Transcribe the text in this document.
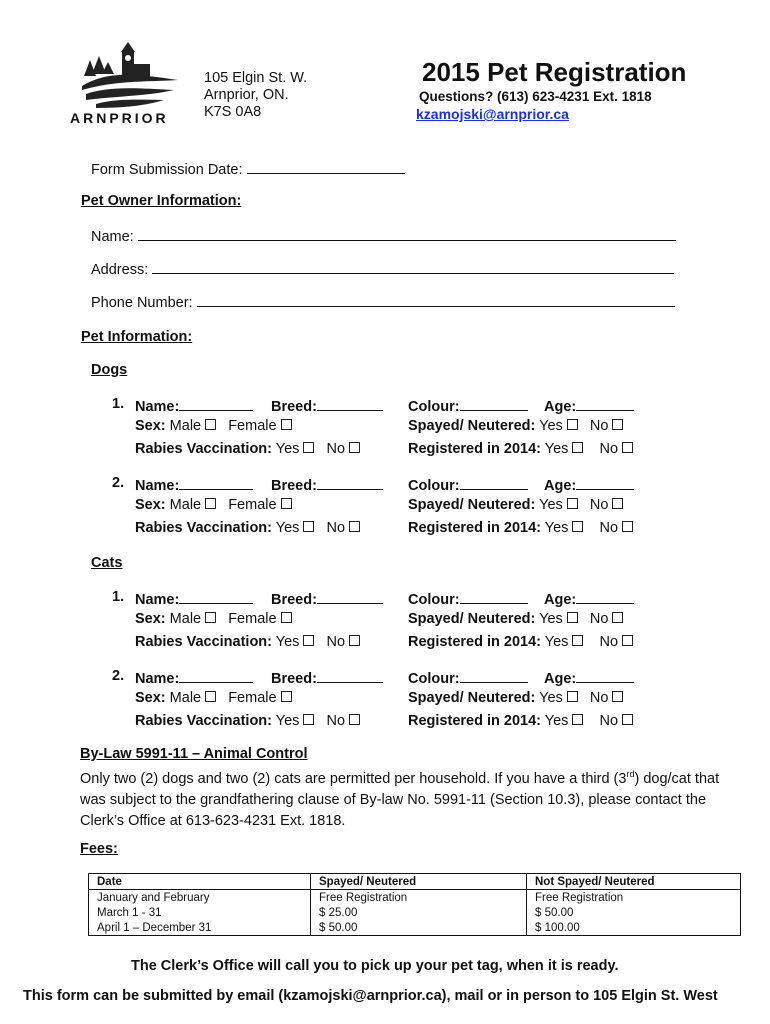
ARNPRIOR
105 Elgin St. W.
Arnprior, ON.
K7S 0A8
2015 Pet Registration
Questions? (613) 623-4231 Ext. 1818
kzamojski@arnprior.ca
Form Submission Date:
Pet Owner Information:
Name:
Address:
Phone Number:
Pet Information:
Dogs
1. Name:	Breed:	Colour:	Age:
Sex: Male Female	Spayed/ Neutered: Yes No
Rabies Vaccination: Yes No	Registered in 2014: Yes No
2. Name:	Breed:	Colour:	Age:
Sex: Male Female	Spayed/ Neutered: Yes No
Rabies Vaccination: Yes No	Registered in 2014: Yes No
Cats
1. Name:	Breed:	Colour:	Age:
Sex: Male Female	Spayed/ Neutered: Yes No
Rabies Vaccination: Yes No	Registered in 2014: Yes No
2. Name:	Breed:	Colour:	Age:
Sex: Male Female	Spayed/ Neutered: Yes No
Rabies Vaccination: Yes No	Registered in 2014: Yes No
By-Law 5991-11 – Animal Control
Only two (2) dogs and two (2) cats are permitted per household. If you have a third (3rd) dog/cat that was subject to the grandfathering clause of By-law No. 5991-11 (Section 10.3), please contact the Clerk’s Office at 613-623-4231 Ext. 1818.
Fees:
Date	Spayed/ Neutered	Not Spayed/ Neutered
January and February	Free Registration	Free Registration
March 1 - 31	$ 25.00	$ 50.00
April 1 – December 31	$ 50.00	$ 100.00
The Clerk’s Office will call you to pick up your pet tag, when it is ready.
This form can be submitted by email (kzamojski@arnprior.ca), mail or in person to 105 Elgin St. West
